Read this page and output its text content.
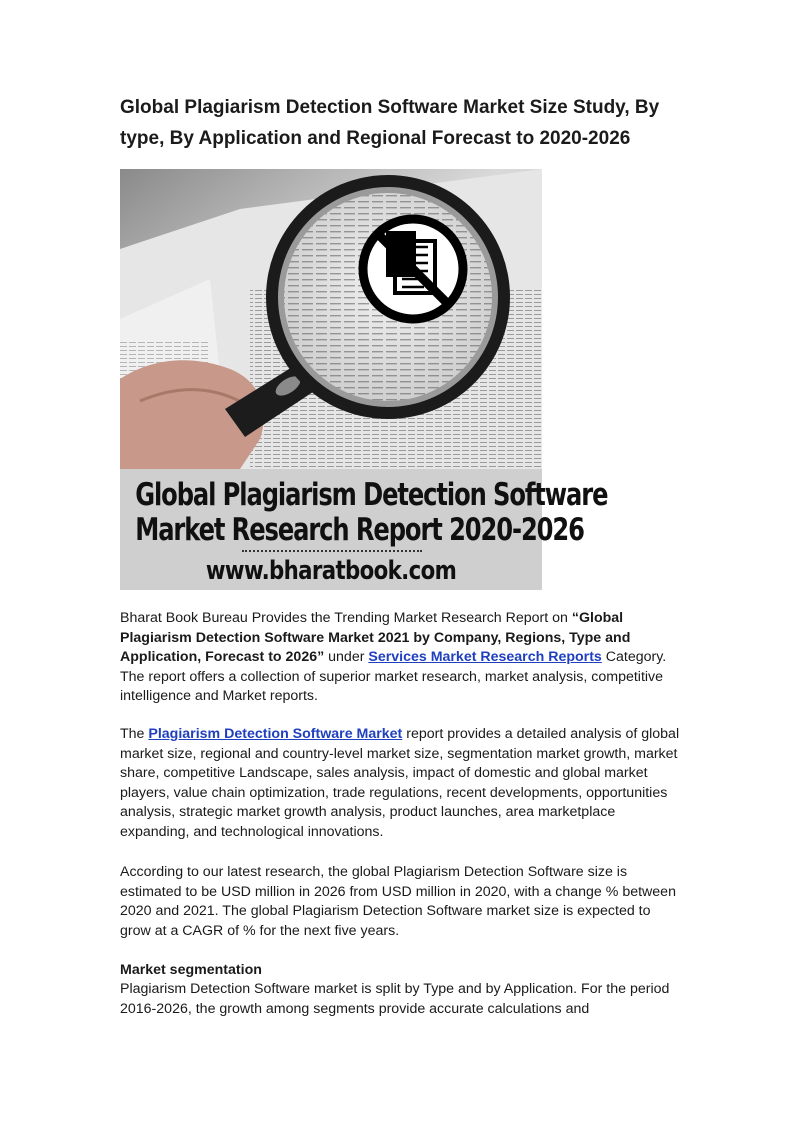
Global Plagiarism Detection Software Market Size Study, By type, By Application and Regional Forecast to 2020-2026
Global Plagiarism Detection Software
Market Research Report 2020-2026
www.bharatbook.com

Bharat Book Bureau Provides the Trending Market Research Report on “Global Plagiarism Detection Software Market 2021 by Company, Regions, Type and Application, Forecast to 2026” under Services Market Research Reports Category. The report offers a collection of superior market research, market analysis, competitive intelligence and Market reports.

The Plagiarism Detection Software Market report provides a detailed analysis of global market size, regional and country-level market size, segmentation market growth, market share, competitive Landscape, sales analysis, impact of domestic and global market players, value chain optimization, trade regulations, recent developments, opportunities analysis, strategic market growth analysis, product launches, area marketplace expanding, and technological innovations.

According to our latest research, the global Plagiarism Detection Software size is estimated to be USD million in 2026 from USD million in 2020, with a change % between 2020 and 2021. The global Plagiarism Detection Software market size is expected to grow at a CAGR of % for the next five years.

Market segmentation

Plagiarism Detection Software market is split by Type and by Application. For the period 2016-2026, the growth among segments provide accurate calculations and
